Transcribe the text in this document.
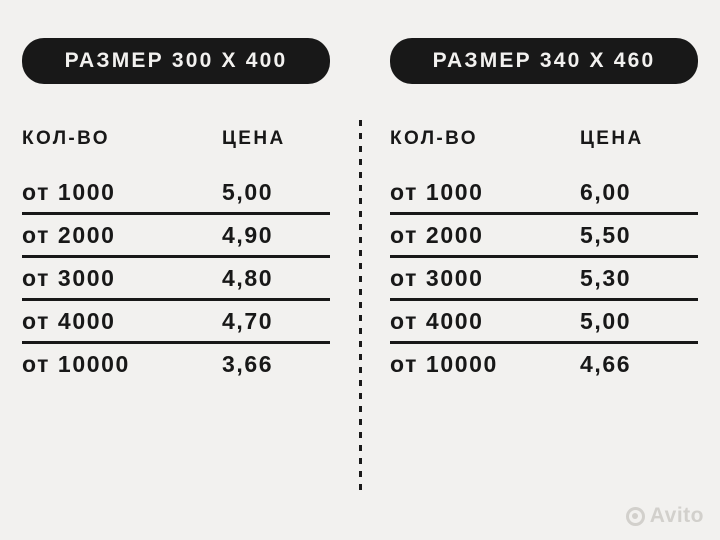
РАЗМЕР 300 Х 400
КОЛ-ВО	ЦЕНА
от 1000	5,00
от 2000	4,90
от 3000	4,80
от 4000	4,70
от 10000	3,66
РАЗМЕР 340 Х 460
КОЛ-ВО	ЦЕНА
от 1000	6,00
от 2000	5,50
от 3000	5,30
от 4000	5,00
от 10000	4,66
Avito
